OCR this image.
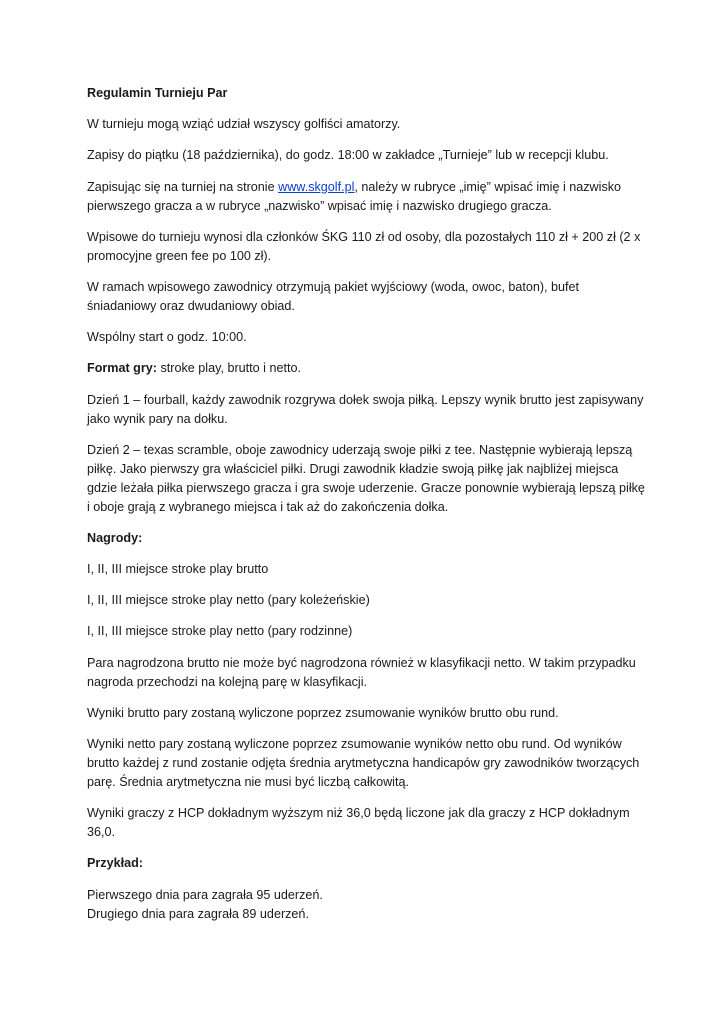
Regulamin Turnieju Par

W turnieju mogą wziąć udział wszyscy golfiści amatorzy.

Zapisy do piątku (18 października), do godz. 18:00 w zakładce „Turnieje” lub w recepcji klubu.

Zapisując się na turniej na stronie www.skgolf.pl, należy w rubryce „imię” wpisać imię i nazwisko pierwszego gracza a w rubryce „nazwisko” wpisać imię i nazwisko drugiego gracza.

Wpisowe do turnieju wynosi dla członków ŚKG 110 zł od osoby, dla pozostałych 110 zł + 200 zł (2 x promocyjne green fee po 100 zł).

W ramach wpisowego zawodnicy otrzymują pakiet wyjściowy (woda, owoc, baton), bufet śniadaniowy oraz dwudaniowy obiad.

Wspólny start o godz. 10:00.

Format gry: stroke play, brutto i netto.

Dzień 1 – fourball, każdy zawodnik rozgrywa dołek swoja piłką. Lepszy wynik brutto jest zapisywany jako wynik pary na dołku.

Dzień 2 – texas scramble, oboje zawodnicy uderzają swoje piłki z tee. Następnie wybierają lepszą piłkę. Jako pierwszy gra właściciel piłki. Drugi zawodnik kładzie swoją piłkę jak najbliżej miejsca gdzie leżała piłka pierwszego gracza i gra swoje uderzenie. Gracze ponownie wybierają lepszą piłkę i oboje grają z wybranego miejsca i tak aż do zakończenia dołka.

Nagrody:

I, II, III miejsce stroke play brutto

I, II, III miejsce stroke play netto (pary koleżeńskie)

I, II, III miejsce stroke play netto (pary rodzinne)

Para nagrodzona brutto nie może być nagrodzona również w klasyfikacji netto. W takim przypadku nagroda przechodzi na kolejną parę w klasyfikacji.

Wyniki brutto pary zostaną wyliczone poprzez zsumowanie wyników brutto obu rund.

Wyniki netto pary zostaną wyliczone poprzez zsumowanie wyników netto obu rund. Od wyników brutto każdej z rund zostanie odjęta średnia arytmetyczna handicapów gry zawodników tworzących parę. Średnia arytmetyczna nie musi być liczbą całkowitą.

Wyniki graczy z HCP dokładnym wyższym niż 36,0 będą liczone jak dla graczy z HCP dokładnym 36,0.

Przykład:

Pierwszego dnia para zagrała 95 uderzeń.

Drugiego dnia para zagrała 89 uderzeń.
